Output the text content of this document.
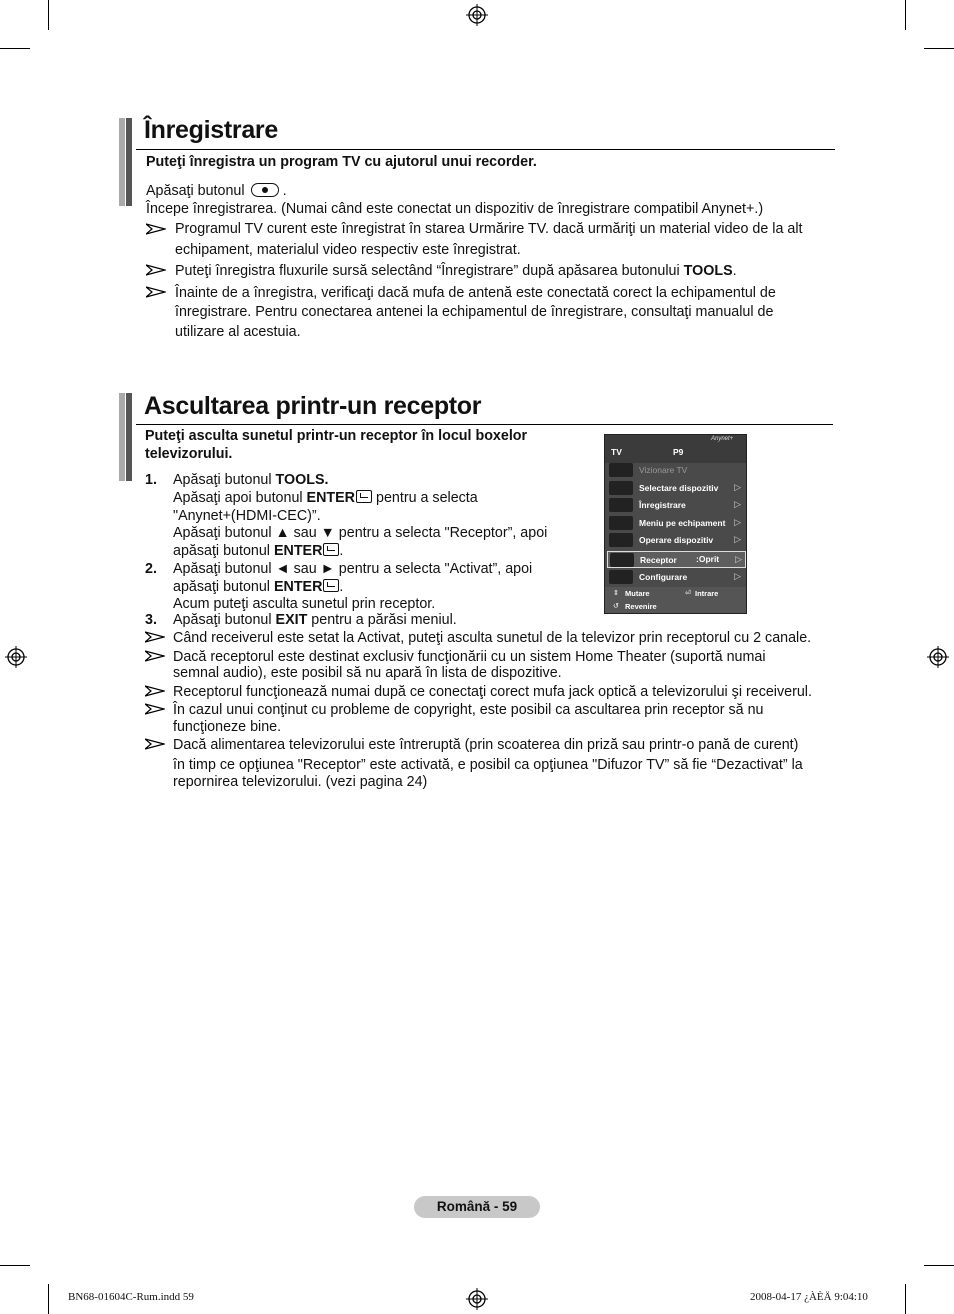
Înregistrare
Puteţi înregistra un program TV cu ajutorul unui recorder.
Apăsaţi butonul	.
Începe înregistrarea. (Numai când este conectat un dispozitiv de înregistrare compatibil Anynet+.)
Programul TV curent este înregistrat în starea Urmărire TV. dacă urmăriţi un material video de la alt
echipament, materialul video respectiv este înregistrat.
Puteţi înregistra fluxurile sursă selectând “Înregistrare” după apăsarea butonului TOOLS.
Înainte de a înregistra, verificaţi dacă mufa de antenă este conectată corect la echipamentul de
înregistrare. Pentru conectarea antenei la echipamentul de înregistrare, consultaţi manualul de
utilizare al acestuia.
Ascultarea printr-un receptor
Puteţi asculta sunetul printr-un receptor în locul boxelor
televizorului.
1. Apăsaţi butonul TOOLS.
Apăsaţi apoi butonul ENTER pentru a selecta
"Anynet+(HDMI-CEC)”.
Apăsaţi butonul ▲ sau ▼ pentru a selecta "Receptor”, apoi
apăsaţi butonul ENTER .
2. Apăsaţi butonul ◄ sau ► pentru a selecta "Activat”, apoi
apăsaţi butonul ENTER .
Acum puteţi asculta sunetul prin receptor.
3. Apăsaţi butonul EXIT pentru a părăsi meniul.
Când receiverul este setat la Activat, puteţi asculta sunetul de la televizor prin receptorul cu 2 canale.
Dacă receptorul este destinat exclusiv funcţionării cu un sistem Home Theater (suportă numai
semnal audio), este posibil să nu apară în lista de dispozitive.
Receptorul funcţionează numai după ce conectaţi corect mufa jack optică a televizorului şi receiverul.
În cazul unui conţinut cu probleme de copyright, este posibil ca ascultarea prin receptor să nu
funcţioneze bine.
Dacă alimentarea televizorului este întreruptă (prin scoaterea din priză sau printr-o pană de curent)
în timp ce opţiunea "Receptor” este activată, e posibil ca opţiunea "Difuzor TV” să fie “Dezactivat” la
repornirea televizorului. (vezi pagina 24)
TV	P9
Anynet+
Vizionare TV
Selectare dispozitiv ▷
Înregistrare	▷
Meniu pe echipament ▷
Operare dispozitiv ▷
Receptor :Oprit ▷
Configurare	▷
⇕ Mutare	⏎ Intrare
↺ Revenire
Română - 59
BN68-01604C-Rum.indd 59	2008-04-17 ¿ÀÈÄ 9:04:10
